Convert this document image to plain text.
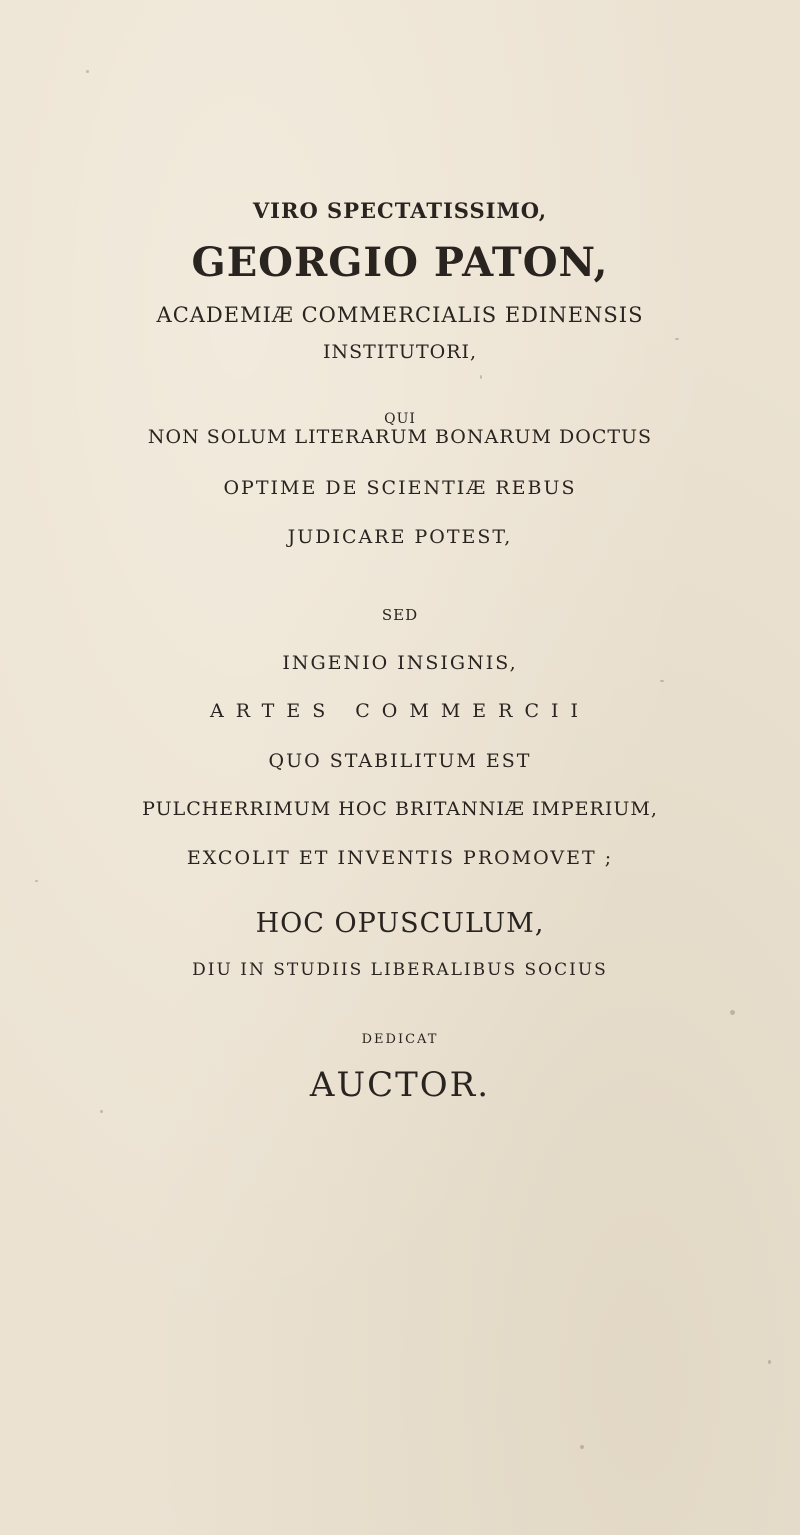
VIRO SPECTATISSIMO,
GEORGIO PATON,
ACADEMIÆ COMMERCIALIS EDINENSIS
INSTITUTORI,
QUI
NON SOLUM LITERARUM BONARUM DOCTUS
OPTIME DE SCIENTIÆ REBUS
JUDICARE POTEST,
SED
INGENIO INSIGNIS,
ARTES COMMERCII
QUO STABILITUM EST
PULCHERRIMUM HOC BRITANNIÆ IMPERIUM,
EXCOLIT ET INVENTIS PROMOVET ;
HOC OPUSCULUM,
DIU IN STUDIIS LIBERALIBUS SOCIUS
DEDICAT
AUCTOR.
